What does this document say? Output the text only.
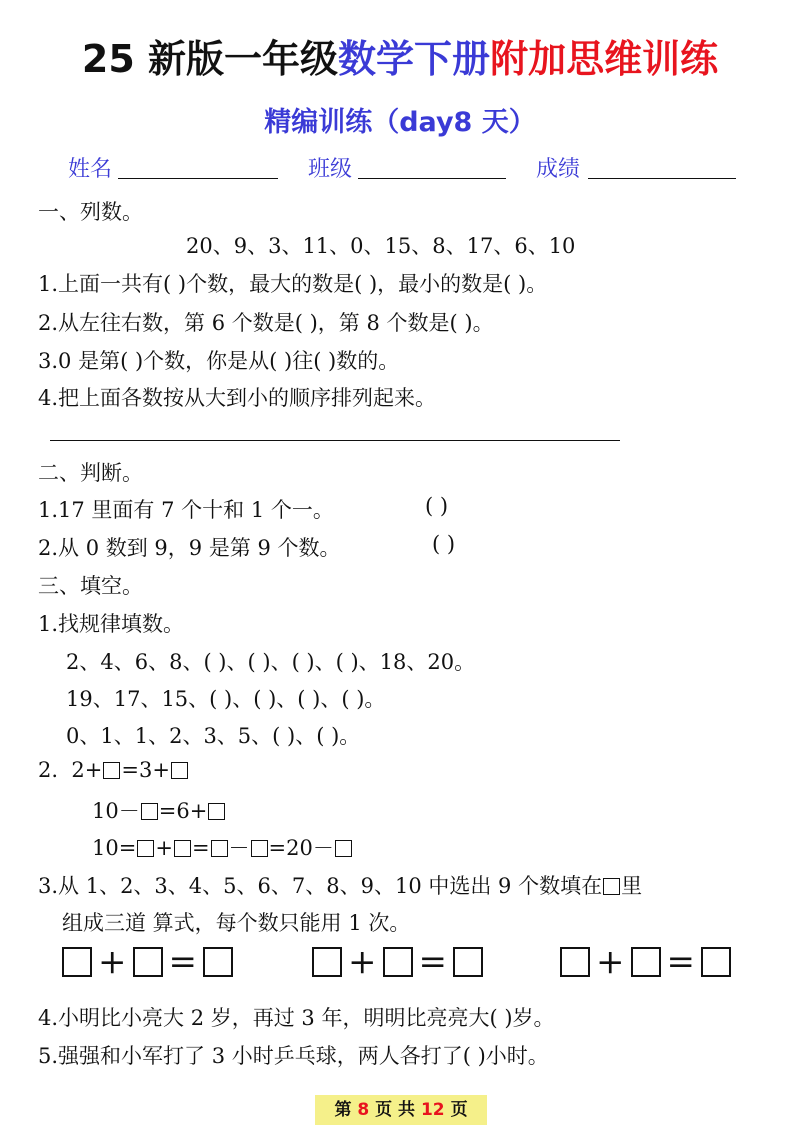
25 新版一年级数学下册附加思维训练
精编训练（day8 天）
姓名	班级	成绩
一、列数。
20、9、3、11、0、15、8、17、6、10
1.上面一共有( )个数，最大的数是( )，最小的数是( )。
2.从左往右数，第 6 个数是( )，第 8 个数是( )。
3.0 是第( )个数，你是从( )往( )数的。
4.把上面各数按从大到小的顺序排列起来。
二、判断。
1.17 里面有 7 个十和 1 个一。	( )
2.从 0 数到 9，9 是第 9 个数。	( )
三、填空。
1.找规律填数。
2、4、6、8、( )、( )、( )、( )、18、20。
19、17、15、( )、( )、( )、( )。
0、1、1、2、3、5、( )、( )。
2. 2+ =3+
10－ =6+
10= + = － =20－
3.从 1、2、3、4、5、6、7、8、9、10 中选出 9 个数填在 里
组成三道 算式，每个数只能用 1 次。
+ =	+ =	+ =
4.小明比小亮大 2 岁，再过 3 年，明明比亮亮大( )岁。
5.强强和小军打了 3 小时乒乓球，两人各打了( )小时。
第 8 页 共 12 页
